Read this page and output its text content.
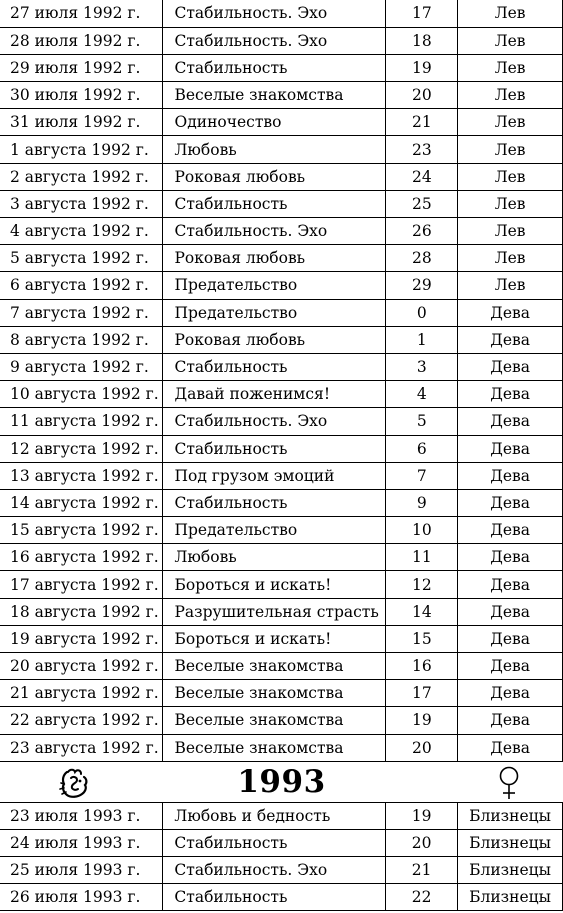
27 июля 1992 г.	Стабильность. Эхо	17	Лев
28 июля 1992 г.	Стабильность. Эхо	18	Лев
29 июля 1992 г.	Стабильность	19	Лев
30 июля 1992 г.	Веселые знакомства	20	Лев
31 июля 1992 г.	Одиночество	21	Лев
1 августа 1992 г.	Любовь	23	Лев
2 августа 1992 г.	Роковая любовь	24	Лев
3 августа 1992 г.	Стабильность	25	Лев
4 августа 1992 г.	Стабильность. Эхо	26	Лев
5 августа 1992 г.	Роковая любовь	28	Лев
6 августа 1992 г.	Предательство	29	Лев
7 августа 1992 г.	Предательство	0	Дева
8 августа 1992 г.	Роковая любовь	1	Дева
9 августа 1992 г.	Стабильность	3	Дева
10 августа 1992 г.	Давай поженимся!	4	Дева
11 августа 1992 г.	Стабильность. Эхо	5	Дева
12 августа 1992 г.	Стабильность	6	Дева
13 августа 1992 г.	Под грузом эмоций	7	Дева
14 августа 1992 г.	Стабильность	9	Дева
15 августа 1992 г.	Предательство	10	Дева
16 августа 1992 г.	Любовь	11	Дева
17 августа 1992 г.	Бороться и искать!	12	Дева
18 августа 1992 г.	Разрушительная страсть	14	Дева
19 августа 1992 г.	Бороться и искать!	15	Дева
20 августа 1992 г.	Веселые знакомства	16	Дева
21 августа 1992 г.	Веселые знакомства	17	Дева
22 августа 1992 г.	Веселые знакомства	19	Дева
23 августа 1992 г.	Веселые знакомства	20	Дева
1993
23 июля 1993 г.	Любовь и бедность	19	Близнецы
24 июля 1993 г.	Стабильность	20	Близнецы
25 июля 1993 г.	Стабильность. Эхо	21	Близнецы
26 июля 1993 г.	Стабильность	22	Близнецы
